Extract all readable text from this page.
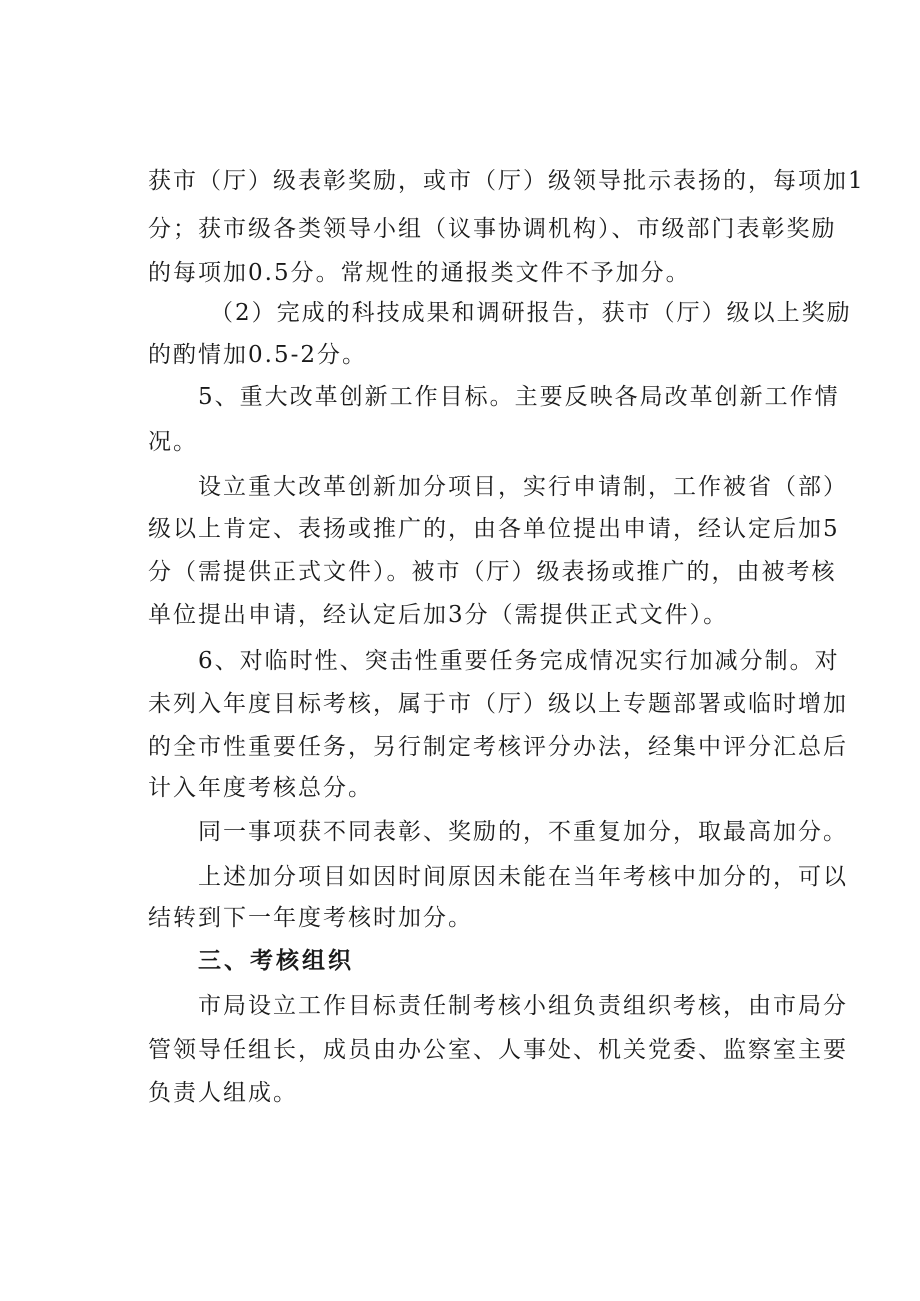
获市（厅）级表彰奖励，或市（厅）级领导批示表扬的，每项加1
分；获市级各类领导小组（议事协调机构）、市级部门表彰奖励
的每项加0.5分。常规性的通报类文件不予加分。
（2）完成的科技成果和调研报告，获市（厅）级以上奖励
的酌情加0.5-2分。
5、重大改革创新工作目标。主要反映各局改革创新工作情
况。
设立重大改革创新加分项目，实行申请制，工作被省（部）
级以上肯定、表扬或推广的，由各单位提出申请，经认定后加5
分（需提供正式文件）。被市（厅）级表扬或推广的，由被考核
单位提出申请，经认定后加3分（需提供正式文件）。
6、对临时性、突击性重要任务完成情况实行加减分制。对
未列入年度目标考核，属于市（厅）级以上专题部署或临时增加
的全市性重要任务，另行制定考核评分办法，经集中评分汇总后
计入年度考核总分。
同一事项获不同表彰、奖励的，不重复加分，取最高加分。
上述加分项目如因时间原因未能在当年考核中加分的，可以
结转到下一年度考核时加分。
三、考核组织
市局设立工作目标责任制考核小组负责组织考核，由市局分
管领导任组长，成员由办公室、人事处、机关党委、监察室主要
负责人组成。
